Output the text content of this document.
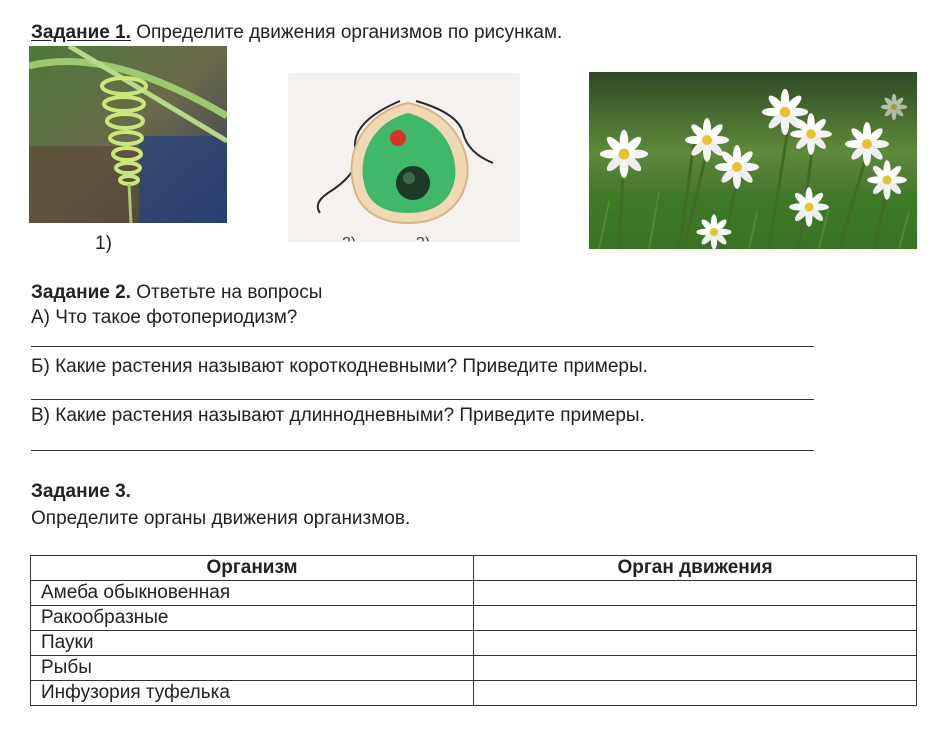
Задание 1. Определите движения организмов по рисункам.
1)
Задание 2. Ответьте на вопросы
А) Что такое фотопериодизм?
Б) Какие растения называют короткодневными? Приведите примеры.
В) Какие растения называют длиннодневными? Приведите примеры.
Задание 3.
Определите органы движения организмов.
Организм	Орган движения
Амеба обыкновенная	
Ракообразные	
Пауки	
Рыбы	
Инфузория туфелька	
